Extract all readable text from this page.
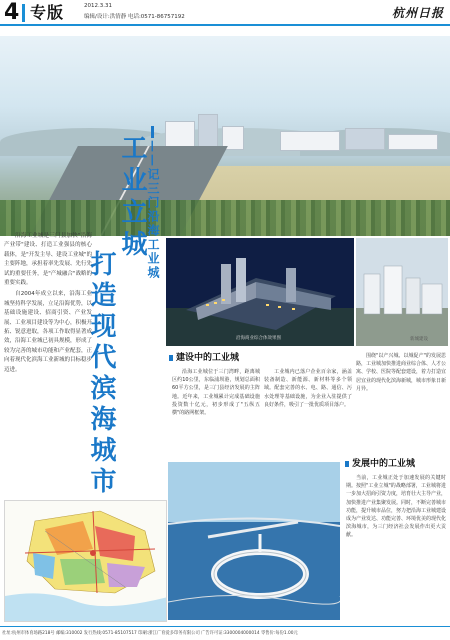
4 专版	2012.3.31
编辑/设计:洪情静 电话:0571-86757192	杭州日报
——记三门沿海工业城
工业立城
打造现代滨海城市

沿海工业城是三门县加快"沿海产业带"建设、打造工业强县的核心载体，是"开发主导、建设工业城"的主要阵地，承担着率先发展、先行先试的重要任务，是"产城融合"战略的重要实践。

自2004年成立以来，沿海工业城坚持科学发展，立足沿海优势，以基础设施建设、招商引资、产业发展、工业项目建设等为中心，积极开拓、锐意进取，各项工作取得显著成效，沿海工业城已初具规模，形成了较为完善的城市功能和产业配套，正向着现代化滨海工业新城的目标稳步迈进。

沿海商业综合体效果图	新城建设
建设中的工业城

沿海工业城位于三门湾畔，距离城区约10公里，东临浦坝港，规划总面积60平方公里，是三门县经济发展的主阵地。近年来，工业城累计完成基础设施投资数十亿元，初步形成了"五纵五横"的路网框架。

工业城内已落户企业百余家，涵盖装备制造、新能源、新材料等多个领域。配套完善的水、电、路、通信、污水处理等基础设施，为企业入驻提供了良好条件，吸引了一批优质项目落户。

围绕"以产兴城、以城促产"的发展思路，工业城加快推进商业综合体、人才公寓、学校、医院等配套建设，着力打造宜居宜业的现代化滨海新城，城市形象日新月异。

发展中的工业城

当前，工业城正处于加速发展的关键时期。按照"工业立城"的战略部署，工业城将进一步加大招商引资力度，培育壮大主导产业，加快推进产业集聚发展。同时，不断完善城市功能，提升城市品位，努力把沿海工业城建设成为产业发达、功能完善、环境优美的现代化滨海城市，为三门经济社会发展作出更大贡献。

社址:杭州市体育场路218号 邮编:310002 发行热线:0571-85107517 印刷:浙江广育爱多印务有限公司 广告许可证:3300004000014 零售价:每份1.00元
